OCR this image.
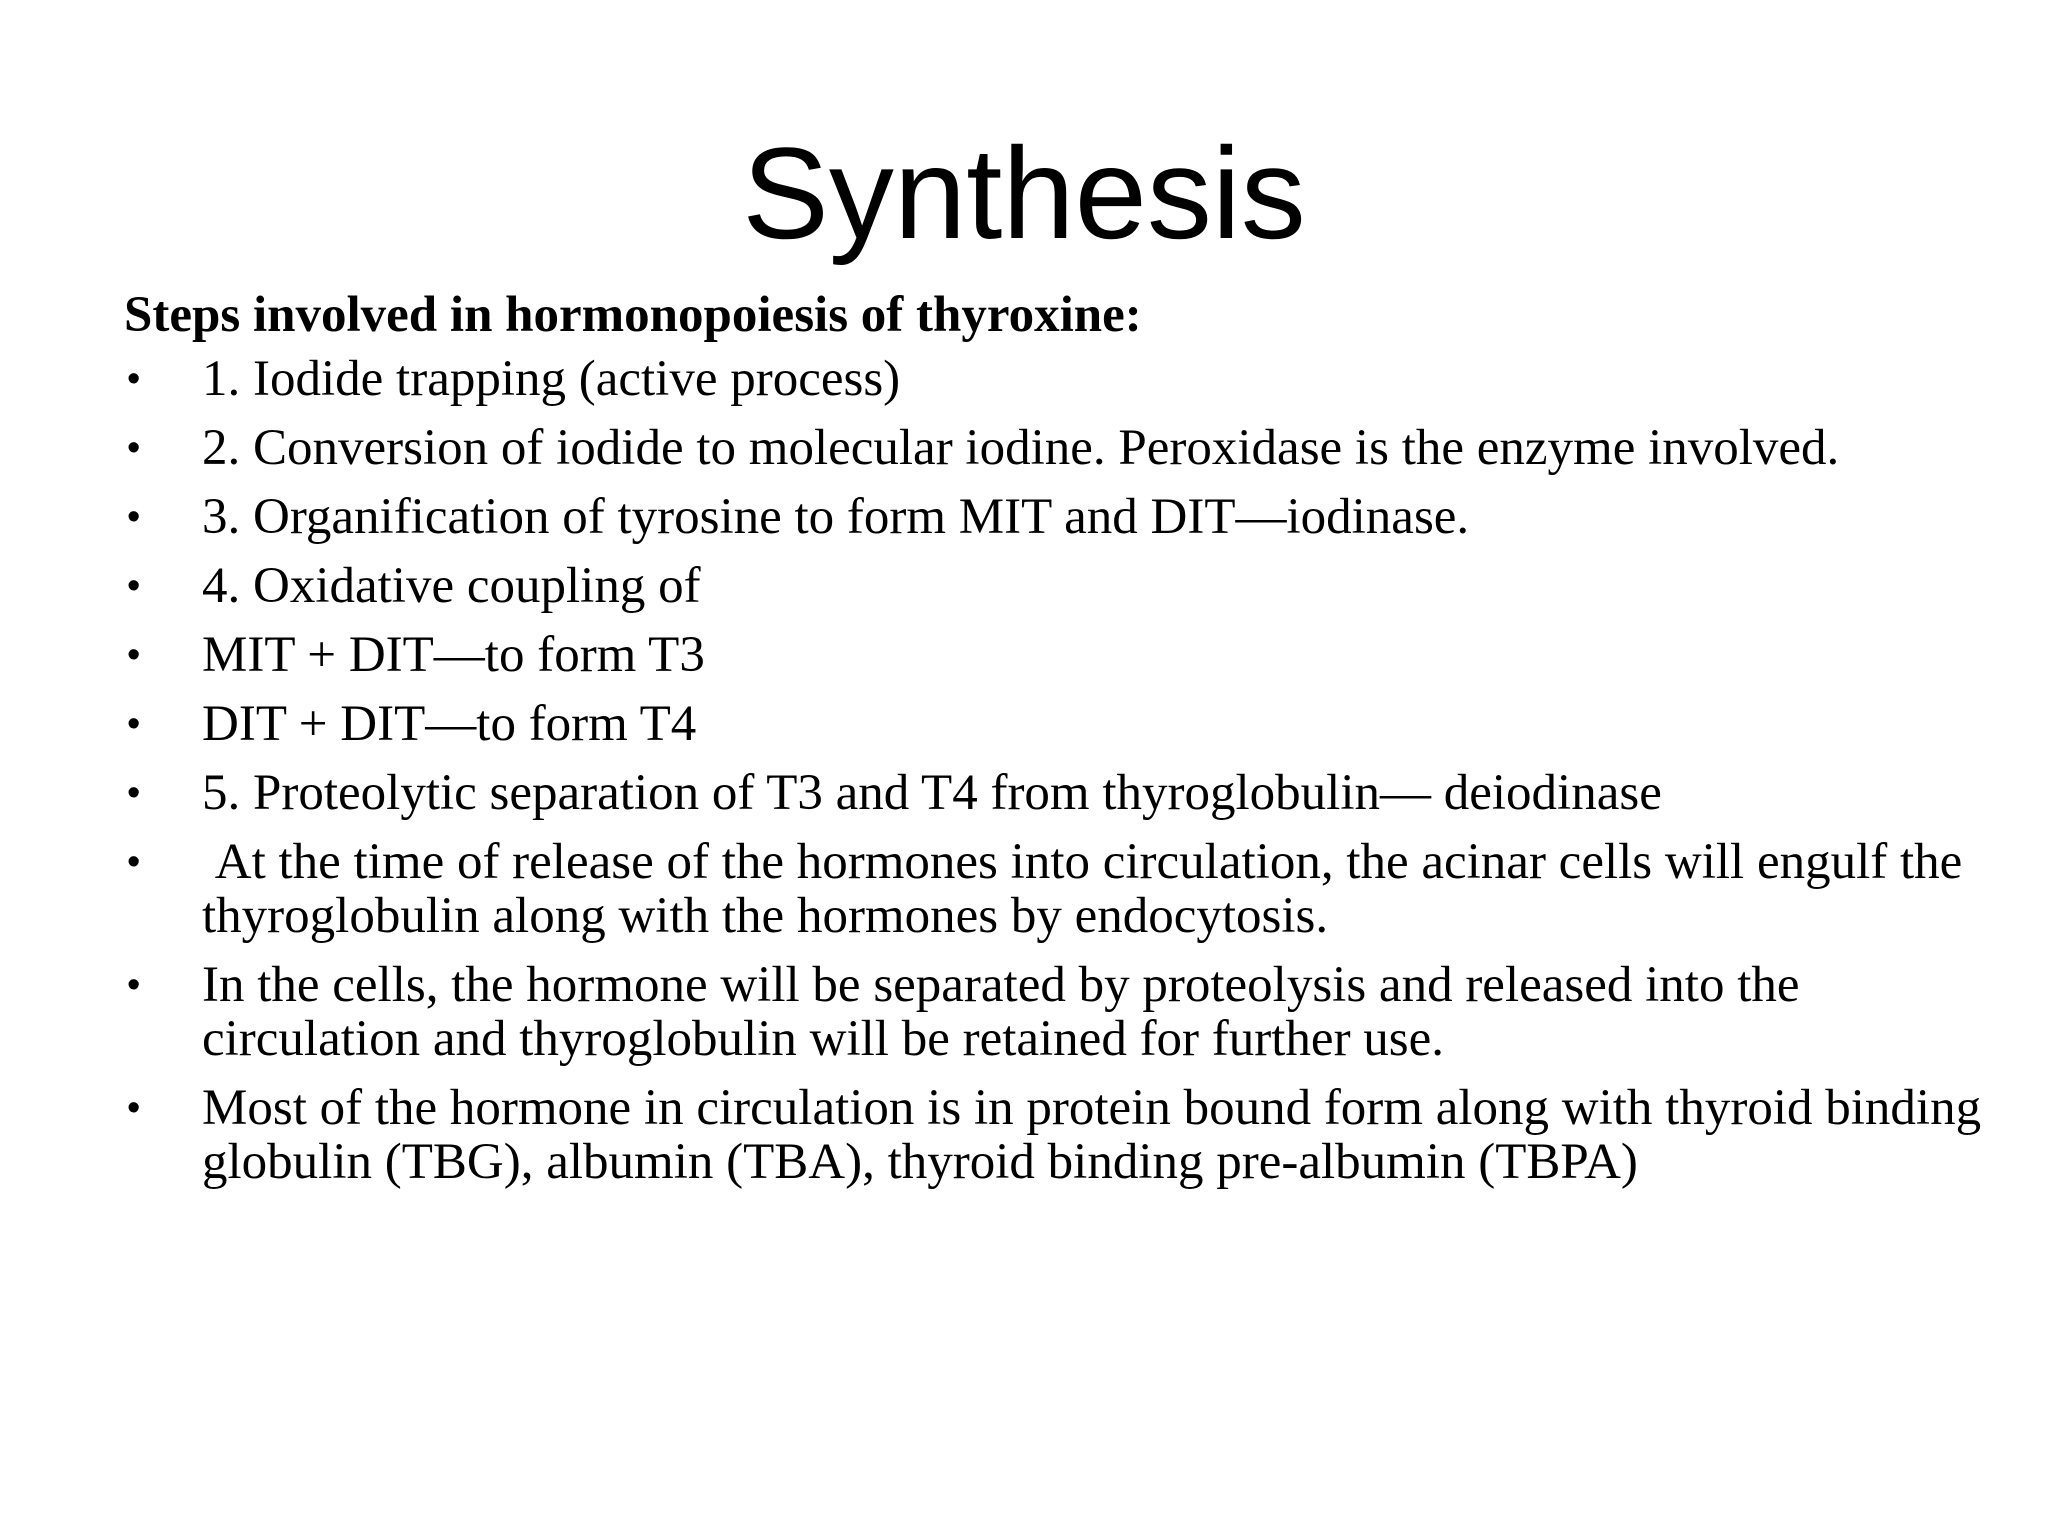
Synthesis
Steps involved in hormonopoiesis of thyroxine:
• 1. Iodide trapping (active process)
• 2. Conversion of iodide to molecular iodine. Peroxidase is the enzyme involved.
• 3. Organification of tyrosine to form MIT and DIT—iodinase.
• 4. Oxidative coupling of
• MIT + DIT—to form T3
• DIT + DIT—to form T4
• 5. Proteolytic separation of T3 and T4 from thyroglobulin— deiodinase
• At the time of release of the hormones into circulation, the acinar cells will engulf the thyroglobulin along with the hormones by endocytosis.
• In the cells, the hormone will be separated by proteolysis and released into the circulation and thyroglobulin will be retained for further use.
• Most of the hormone in circulation is in protein bound form along with thyroid binding globulin (TBG), albumin (TBA), thyroid binding pre-albumin (TBPA)
